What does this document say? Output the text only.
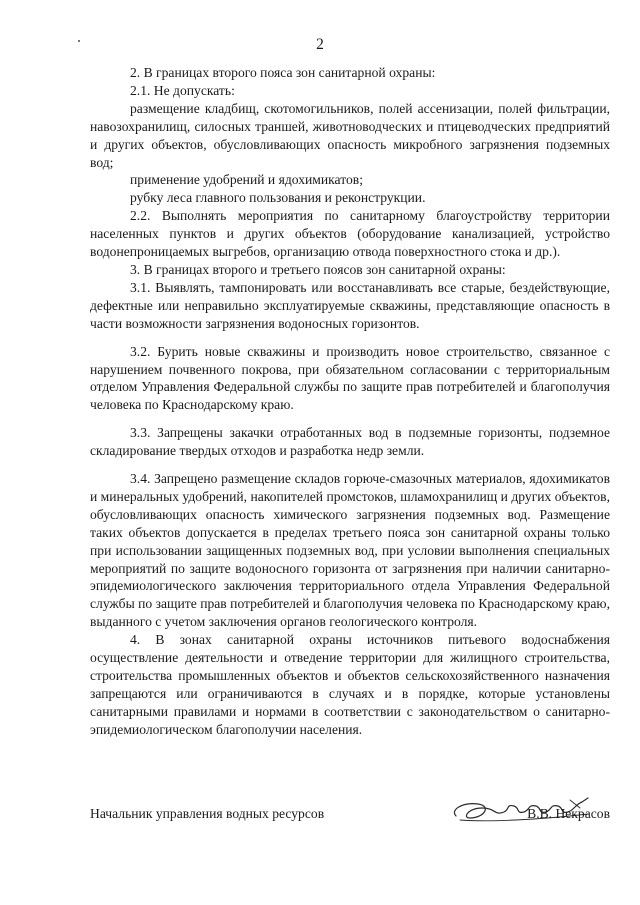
2

2. В границах второго пояса зон санитарной охраны:

2.1. Не допускать:

размещение кладбищ, скотомогильников, полей ассенизации, полей фильтрации, навозохранилищ, силосных траншей, животноводческих и птицеводческих предприятий и других объектов, обусловливающих опасность микробного загрязнения подземных вод;

применение удобрений и ядохимикатов;

рубку леса главного пользования и реконструкции.

2.2. Выполнять мероприятия по санитарному благоустройству территории населенных пунктов и других объектов (оборудование канализацией, устройство водонепроницаемых выгребов, организацию отвода поверхностного стока и др.).

3. В границах второго и третьего поясов зон санитарной охраны:

3.1. Выявлять, тампонировать или восстанавливать все старые, бездействующие, дефектные или неправильно эксплуатируемые скважины, представляющие опасность в части возможности загрязнения водоносных горизонтов.

3.2. Бурить новые скважины и производить новое строительство, связанное с нарушением почвенного покрова, при обязательном согласовании с территориальным отделом Управления Федеральной службы по защите прав потребителей и благополучия человека по Краснодарскому краю.

3.3. Запрещены закачки отработанных вод в подземные горизонты, подземное складирование твердых отходов и разработка недр земли.

3.4. Запрещено размещение складов горюче-смазочных материалов, ядохимикатов и минеральных удобрений, накопителей промстоков, шламохранилищ и других объектов, обусловливающих опасность химического загрязнения подземных вод. Размещение таких объектов допускается в пределах третьего пояса зон санитарной охраны только при использовании защищенных подземных вод, при условии выполнения специальных мероприятий по защите водоносного горизонта от загрязнения при наличии санитарно-эпидемиологического заключения территориального отдела Управления Федеральной службы по защите прав потребителей и благополучия человека по Краснодарскому краю, выданного с учетом заключения органов геологического контроля.

4. В зонах санитарной охраны источников питьевого водоснабжения осуществление деятельности и отведение территории для жилищного строительства, строительства промышленных объектов и объектов сельскохозяйственного назначения запрещаются или ограничиваются в случаях и в порядке, которые установлены санитарными правилами и нормами в соответствии с законодательством о санитарно-эпидемиологическом благополучии населения.

Начальник управления водных ресурсов	В.В. Некрасов
